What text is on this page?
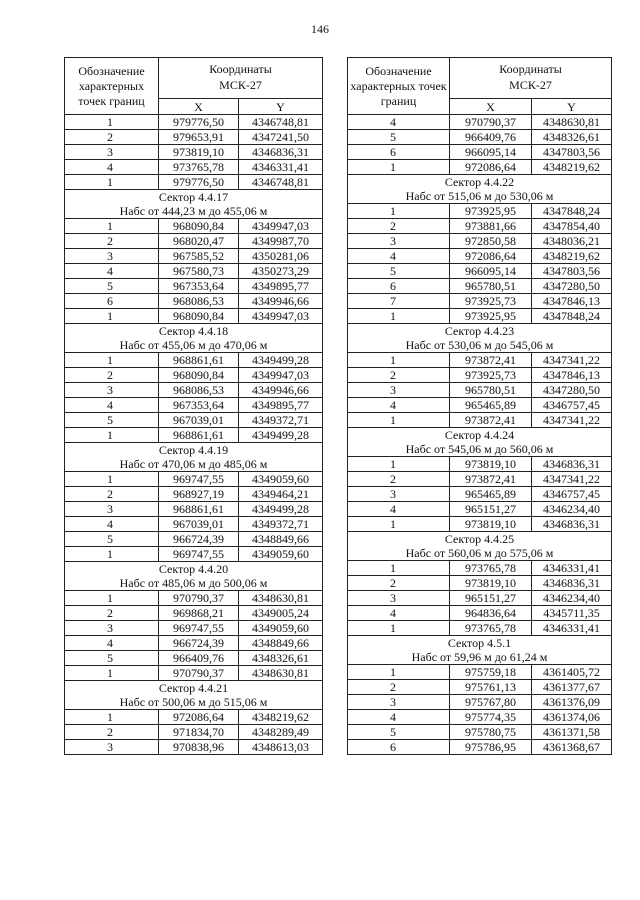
146
Обозначение характерных точек границ	Координаты
МСК-27	
	X	Y
1	979776,50	4346748,81
2	979653,91	4347241,50
3	973819,10	4346836,31
4	973765,78	4346331,41
1	979776,50	4346748,81
Сектор 4.4.17		
Набс от 444,23 м до 455,06 м		
1	968090,84	4349947,03
2	968020,47	4349987,70
3	967585,52	4350281,06
4	967580,73	4350273,29
5	967353,64	4349895,77
6	968086,53	4349946,66
1	968090,84	4349947,03
Сектор 4.4.18		
Набс от 455,06 м до 470,06 м		
1	968861,61	4349499,28
2	968090,84	4349947,03
3	968086,53	4349946,66
4	967353,64	4349895,77
5	967039,01	4349372,71
1	968861,61	4349499,28
Сектор 4.4.19		
Набс от 470,06 м до 485,06 м		
1	969747,55	4349059,60
2	968927,19	4349464,21
3	968861,61	4349499,28
4	967039,01	4349372,71
5	966724,39	4348849,66
1	969747,55	4349059,60
Сектор 4.4.20		
Набс от 485,06 м до 500,06 м		
1	970790,37	4348630,81
2	969868,21	4349005,24
3	969747,55	4349059,60
4	966724,39	4348849,66
5	966409,76	4348326,61
1	970790,37	4348630,81
Сектор 4.4.21		
Набс от 500,06 м до 515,06 м		
1	972086,64	4348219,62
2	971834,70	4348289,49
3	970838,96	4348613,03
Обозначение характерных точек границ	Координаты
МСК-27	
	X	Y
4	970790,37	4348630,81
5	966409,76	4348326,61
6	966095,14	4347803,56
1	972086,64	4348219,62
Сектор 4.4.22		
Набс от 515,06 м до 530,06 м		
1	973925,95	4347848,24
2	973881,66	4347854,40
3	972850,58	4348036,21
4	972086,64	4348219,62
5	966095,14	4347803,56
6	965780,51	4347280,50
7	973925,73	4347846,13
1	973925,95	4347848,24
Сектор 4.4.23		
Набс от 530,06 м до 545,06 м		
1	973872,41	4347341,22
2	973925,73	4347846,13
3	965780,51	4347280,50
4	965465,89	4346757,45
1	973872,41	4347341,22
Сектор 4.4.24		
Набс от 545,06 м до 560,06 м		
1	973819,10	4346836,31
2	973872,41	4347341,22
3	965465,89	4346757,45
4	965151,27	4346234,40
1	973819,10	4346836,31
Сектор 4.4.25		
Набс от 560,06 м до 575,06 м		
1	973765,78	4346331,41
2	973819,10	4346836,31
3	965151,27	4346234,40
4	964836,64	4345711,35
1	973765,78	4346331,41
Сектор 4.5.1		
Набс от 59,96 м до 61,24 м		
1	975759,18	4361405,72
2	975761,13	4361377,67
3	975767,80	4361376,09
4	975774,35	4361374,06
5	975780,75	4361371,58
6	975786,95	4361368,67
